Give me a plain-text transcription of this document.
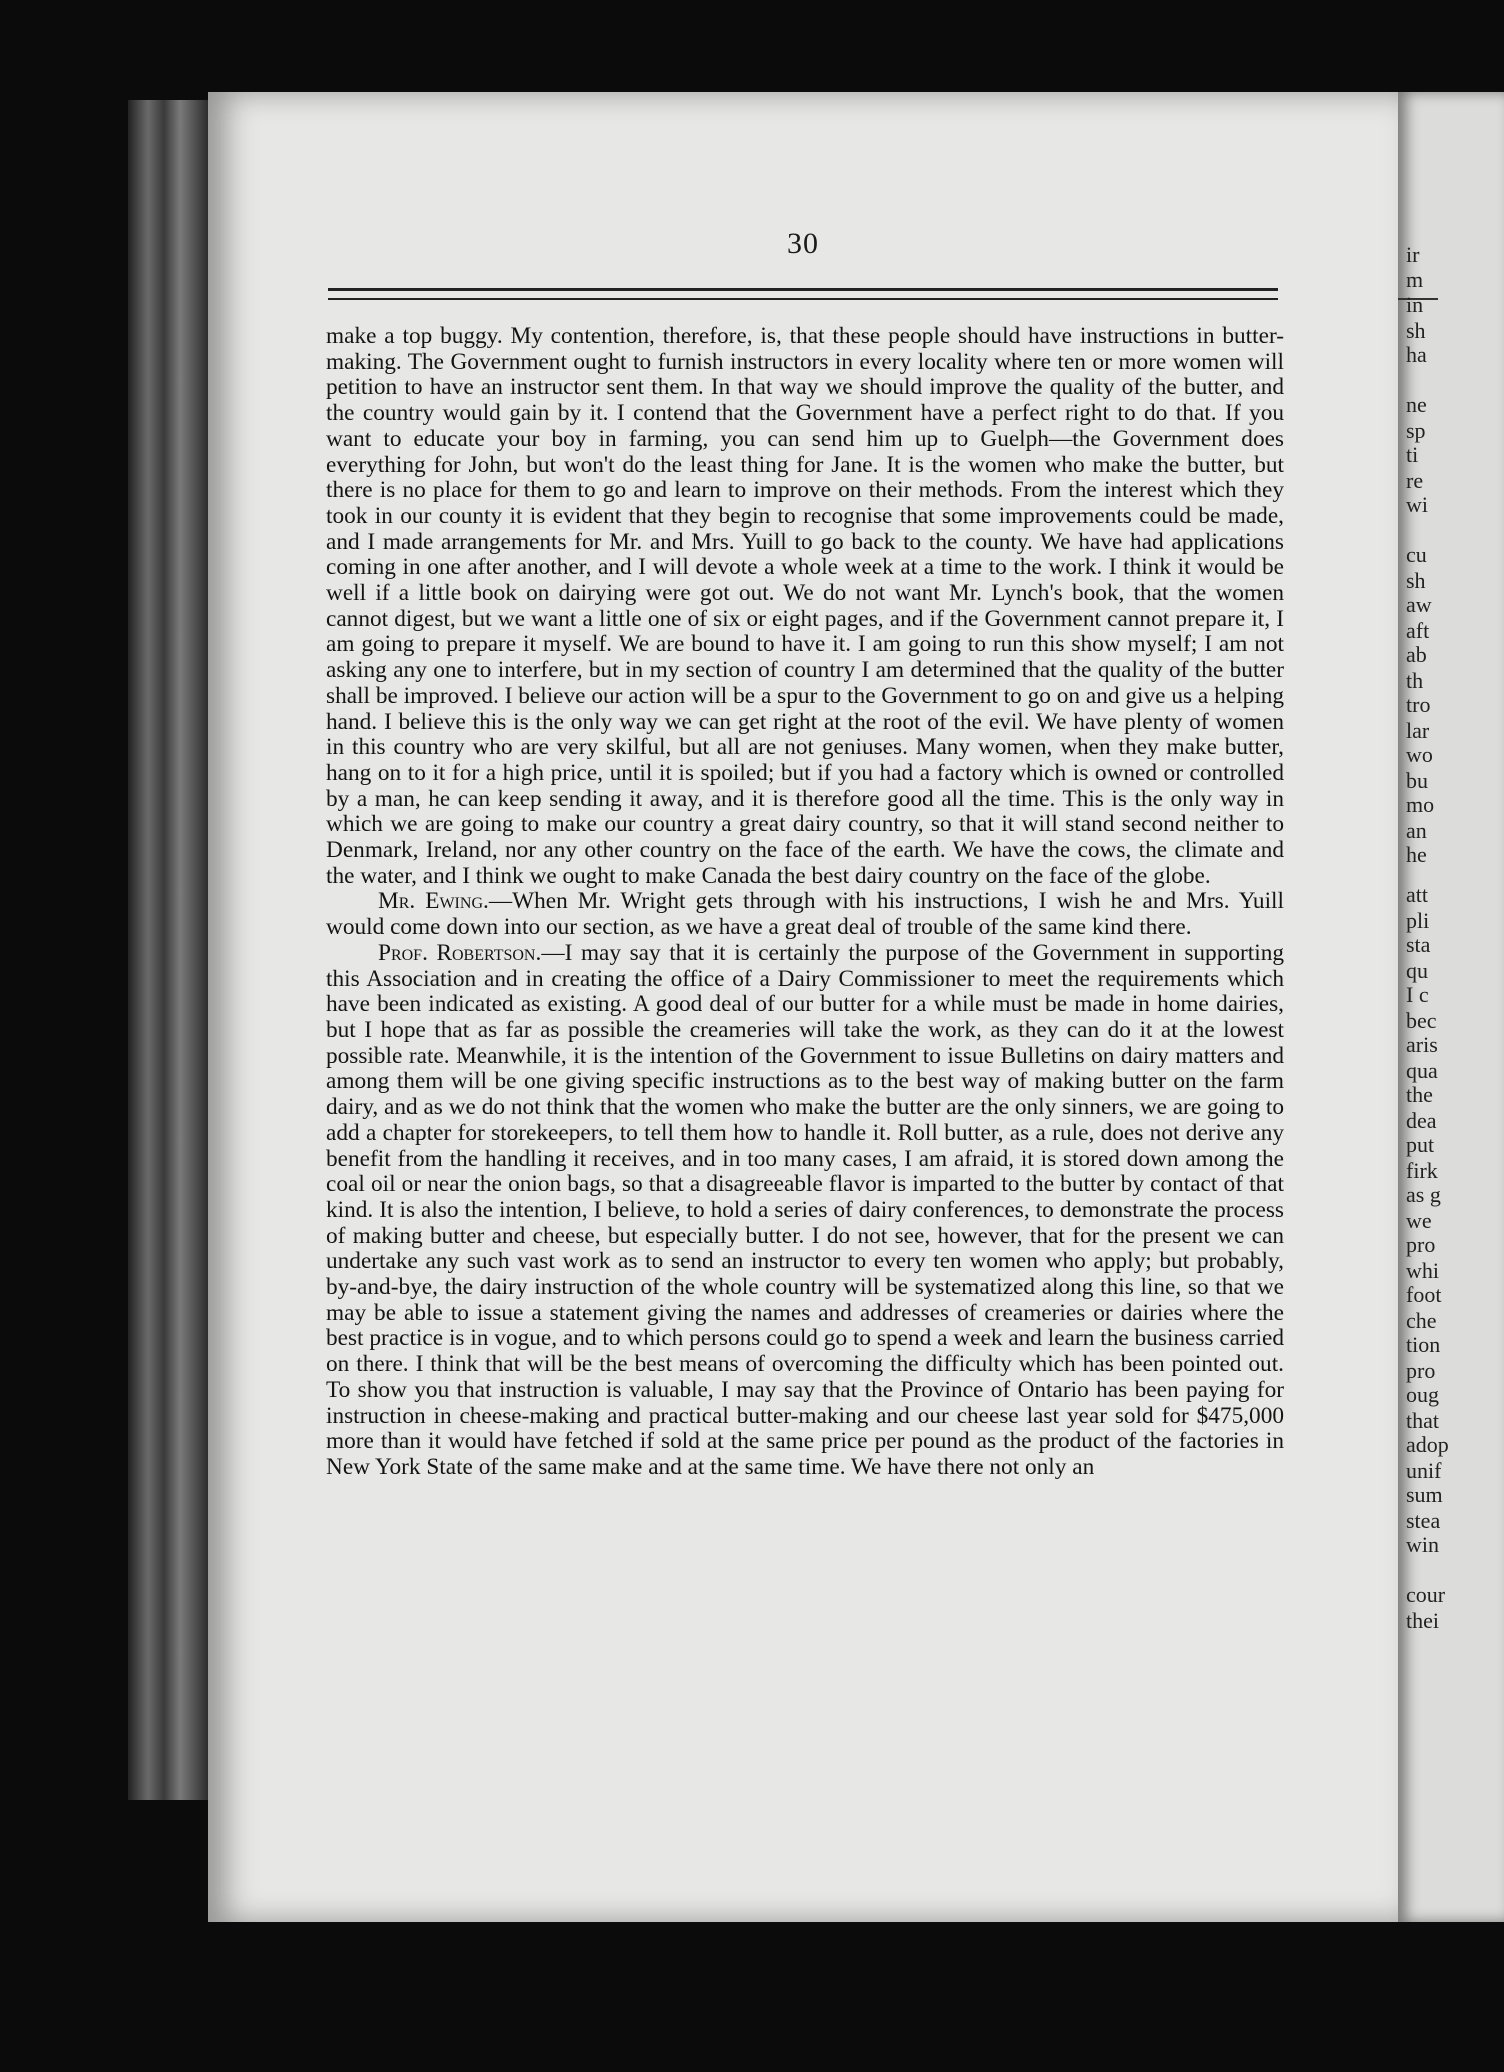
30

make a top buggy. My contention, therefore, is, that these people should have instructions in butter-making. The Government ought to furnish instructors in every locality where ten or more women will petition to have an instructor sent them. In that way we should improve the quality of the butter, and the country would gain by it. I contend that the Government have a perfect right to do that. If you want to educate your boy in farming, you can send him up to Guelph—the Government does everything for John, but won't do the least thing for Jane. It is the women who make the butter, but there is no place for them to go and learn to improve on their methods. From the interest which they took in our county it is evident that they begin to recognise that some improvements could be made, and I made arrangements for Mr. and Mrs. Yuill to go back to the county. We have had applications coming in one after another, and I will devote a whole week at a time to the work. I think it would be well if a little book on dairying were got out. We do not want Mr. Lynch's book, that the women cannot digest, but we want a little one of six or eight pages, and if the Government cannot prepare it, I am going to prepare it myself. We are bound to have it. I am going to run this show myself; I am not asking any one to interfere, but in my section of country I am determined that the quality of the butter shall be improved. I believe our action will be a spur to the Government to go on and give us a helping hand. I believe this is the only way we can get right at the root of the evil. We have plenty of women in this country who are very skilful, but all are not geniuses. Many women, when they make butter, hang on to it for a high price, until it is spoiled; but if you had a factory which is owned or controlled by a man, he can keep sending it away, and it is therefore good all the time. This is the only way in which we are going to make our country a great dairy country, so that it will stand second neither to Denmark, Ireland, nor any other country on the face of the earth. We have the cows, the climate and the water, and I think we ought to make Canada the best dairy country on the face of the globe.

Mr. Ewing.—When Mr. Wright gets through with his instructions, I wish he and Mrs. Yuill would come down into our section, as we have a great deal of trouble of the same kind there.

Prof. Robertson.—I may say that it is certainly the purpose of the Government in supporting this Association and in creating the office of a Dairy Commissioner to meet the requirements which have been indicated as existing. A good deal of our butter for a while must be made in home dairies, but I hope that as far as possible the creameries will take the work, as they can do it at the lowest possible rate. Meanwhile, it is the intention of the Government to issue Bulletins on dairy matters and among them will be one giving specific instructions as to the best way of making butter on the farm dairy, and as we do not think that the women who make the butter are the only sinners, we are going to add a chapter for storekeepers, to tell them how to handle it. Roll butter, as a rule, does not derive any benefit from the handling it receives, and in too many cases, I am afraid, it is stored down among the coal oil or near the onion bags, so that a disagreeable flavor is imparted to the butter by contact of that kind. It is also the intention, I believe, to hold a series of dairy conferences, to demonstrate the process of making butter and cheese, but especially butter. I do not see, however, that for the present we can undertake any such vast work as to send an instructor to every ten women who apply; but probably, by-and-bye, the dairy instruction of the whole country will be systematized along this line, so that we may be able to issue a statement giving the names and addresses of creameries or dairies where the best practice is in vogue, and to which persons could go to spend a week and learn the business carried on there. I think that will be the best means of overcoming the difficulty which has been pointed out. To show you that instruction is valuable, I may say that the Province of Ontario has been paying for instruction in cheese-making and practical butter-making and our cheese last year sold for $475,000 more than it would have fetched if sold at the same price per pound as the product of the factories in New York State of the same make and at the same time. We have there not only an

ir
m
in
sh
ha
ne
sp
ti
re
wi
cu
sh
aw
aft
ab
th
tro
lar
wo
bu
mo
an
he
att
pli
sta
qu
I c
bec
aris
qua
the
dea
put
firk
as g
we
pro
whi
foot
che
tion
pro
oug
that
adop
unif
sum
stea
win
cour
thei
